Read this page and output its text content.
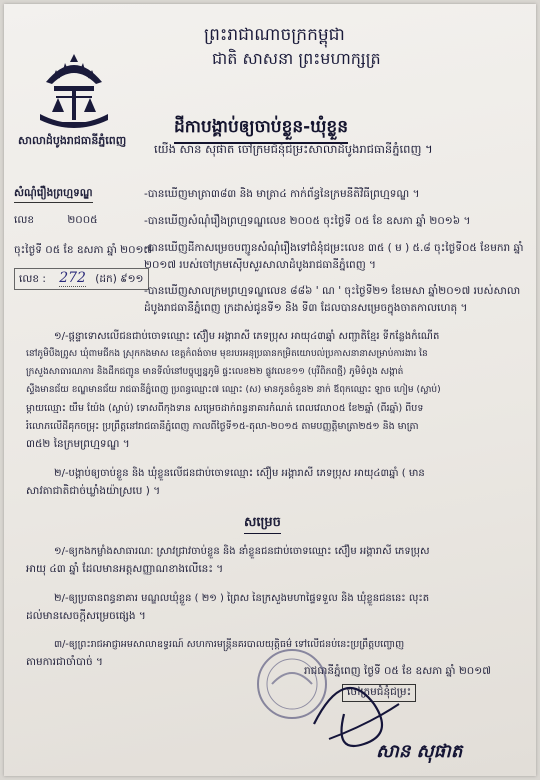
ព្រះរាជាណាចក្រកម្ពុជា
ជាតិ សាសនា ព្រះមហាក្សត្រ
សាលាដំបូងរាជធានីភ្នំពេញ
ដីកាបង្គាប់ឲ្យចាប់ខ្លួន-ឃុំខ្លួន
យើង សាន សុផាត ចៅក្រមជំនុំជម្រះសាលាដំបូងរាជធានីភ្នំពេញ ។
សំណុំរឿងព្រហ្មទណ្ឌ
លេខ	២០០៥
ចុះថ្ងៃទី ០៥ ខែ ឧសភា ឆ្នាំ ២០១៧
លេខ : 272 (ដក) ៩១១
-បានឃើញមាត្រា៣៨៣ និង មាត្រា៤ កាក់ព័ន្ធនៃក្រមនីតិវិធីព្រហ្មទណ្ឌ ។
-បានឃើញសំណុំរឿងព្រហ្មទណ្ឌលេខ ២០០៥ ចុះថ្ងៃទី ០៥ ខែ ឧសភា ឆ្នាំ ២០១៦ ។
-បានឃើញដីកាសម្រេចបញ្ជូនសំណុំរឿងទៅជំនុំជម្រះលេខ ៣៥ ( ម ) ៥.៨ ចុះថ្ងៃទី០៥ ខែមករា ឆ្នាំ
២០១៧ របស់ចៅក្រមស៊ើបសួរសាលាដំបូងរាជធានីភ្នំពេញ ។
-បានឃើញសាលក្រមព្រហ្មទណ្ឌលេខ ៨៨៦ ' ណ ' ចុះថ្ងៃទី២១ ខែមេសា ឆ្នាំ២០១៧ របស់សាលា
ដំបូងរាជធានីភ្នំពេញ ក្រដាស់ជូនទី១ និង ទី៣ ដែលបានសម្រេចក្នុងចាតកាលហេតុ ។
១/-ផ្តន្ទាទោសលើជនជាប់ចោទឈ្មោះ ស៊ឿម អង្គារាសី ភេទប្រុស អាយុ៤៣ឆ្នាំ សញ្ជាតិខ្មែរ ទីកន្លែងកំណើត
នៅភូមិបឹងព្រូស ឃុំពាមជីកង ស្រុកកងមាស ខេត្តកំពង់ចាម មុខរបរអនុប្រធានកម្រិតយោបល់ប្រកាសនានាសម្រាប់ការងារ នៃ
ក្រសួងសាធារណការ និងដឹកជញ្ជូន មានទីលំនៅបច្ចុប្បន្នភូមិ ផ្ទះលេខ២២ ផ្លូវលេខ១១ (បុរីពិភពថ្មី) ភូមិទំពូង សង្កាត់
ស្ទឹងមានជ័យ ខណ្ឌមានជ័យ រាជធានីភ្នំពេញ ប្រពន្ធឈ្មោះ៧ ឈ្មោះ (ស) មានកូនចំនួន២ នាក់ ឪពុកឈ្មោះ ឡាច ហៀម (ស្លាប់)
ម្តាយឈ្មោះ យឹម យ៉ែង (ស្លាប់) ទោសពីកុងទាន សម្រេចដាក់ពន្ធនាគារកំណត់ ពេលវេលា០៥ ខែ២ឆ្នាំ (ពីរឆ្នាំ) ពីបទ
រំលោភលើដីគុកចម្រុះ ប្រព្រឹត្តនៅរាជធានីភ្នំពេញ កាលពីថ្ងៃទី១៥-តុលា-២០១៥ តាមបញ្ញត្តិមាត្រា២៥១ និង មាត្រា
៣៥២ នៃក្រមព្រហ្មទណ្ឌ ។
២/-បង្គាប់ឲ្យចាប់ខ្លួន និង ឃុំខ្លួនលើជនជាប់ចោទឈ្មោះ ស៊ឿម អង្គារាសី ភេទប្រុស អាយុ៤៣ឆ្នាំ ( មាន
សាវតាជាតិជាច់ឃ្លាំងយ៉ាស្របេ ) ។
សម្រេច
១/-ឲ្យកងកម្លាំងសាធារណៈ ស្រាវជ្រាវចាប់ខ្លួន និង នាំខ្លួនជនជាប់ចោទឈ្មោះ ស៊ឿម អង្គារាសី ភេទប្រុស
អាយុ ៤៣ ឆ្នាំ ដែលមានអត្តសញ្ញាណខាងលើនេះ ។
២/-ឲ្យប្រធានពន្ធនាគារ មណ្ឌលឃុំខ្លួន ( ២១ ) ព្រៃស នៃក្រសួងមហាផ្ទៃទទួល និង ឃុំខ្លួនជននេះ លុះត
ដល់មានសេចក្តីសម្រេចផ្សេង ។
៣/-ឲ្យព្រះរាជអាជ្ញាអមសាលាឧទ្ធរណ៍ សហការមន្ត្រីនគរបាលយុត្តិធម៌ ទៅលើជនប់នេះប្រព្រឹត្តបញ្ចោញ
តាមការជាចាំបាច់ ។
រាជធានីភ្នំពេញ ថ្ងៃទី ០៥ ខែ ឧសភា ឆ្នាំ ២០១៧
ចៅក្រមជំនុំជម្រះ
សាន សុផាត
